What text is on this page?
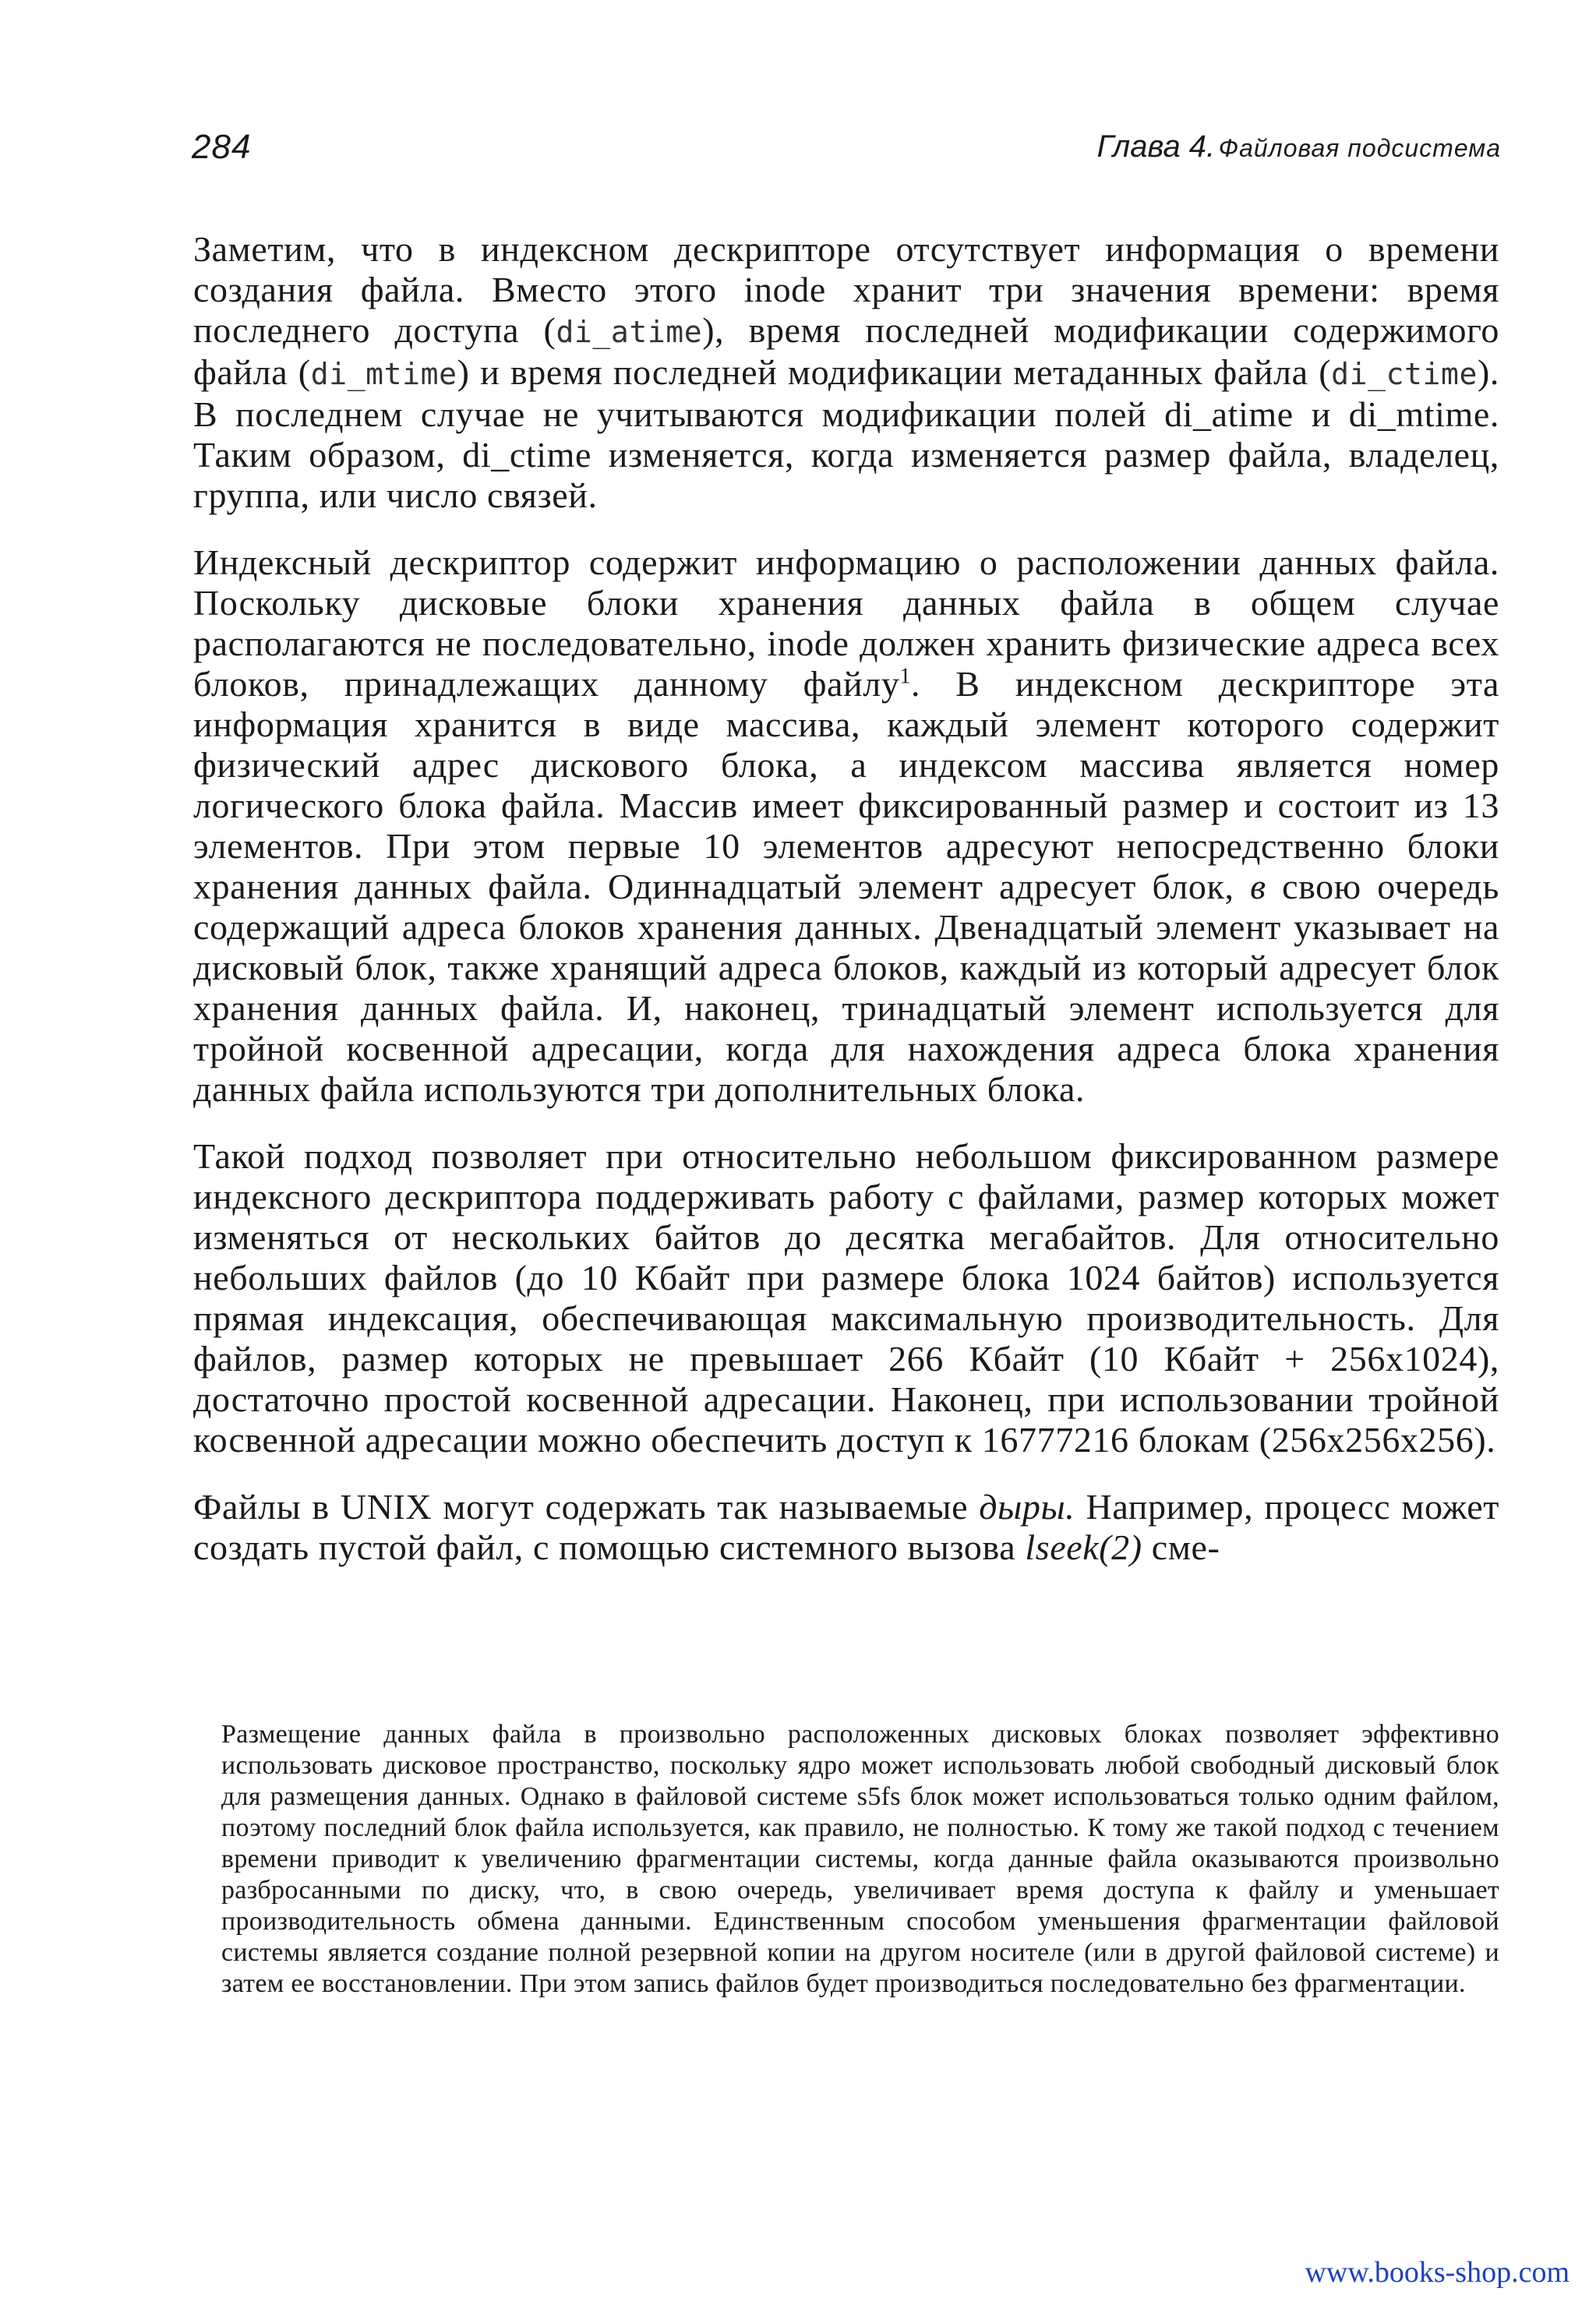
284	Глава 4. Файловая подсистема

Заметим, что в индексном дескрипторе отсутствует информация о времени создания файла. Вместо этого inode хранит три значения времени: время последнего доступа (di_atime), время последней модификации содержимого файла (di_mtime) и время последней модификации метаданных файла (di_ctime). В последнем случае не учитываются модификации полей di_atime и di_mtime. Таким образом, di_ctime изменяется, когда изменяется размер файла, владелец, группа, или число связей.

Индексный дескриптор содержит информацию о расположении данных файла. Поскольку дисковые блоки хранения данных файла в общем случае располагаются не последовательно, inode должен хранить физические адреса всех блоков, принадлежащих данному файлу$^1$. В индексном дескрипторе эта информация хранится в виде массива, каждый элемент которого содержит физический адрес дискового блока, а индексом массива является номер логического блока файла. Массив имеет фиксированный размер и состоит из 13 элементов. При этом первые 10 элементов адресуют непосредственно блоки хранения данных файла. Одиннадцатый элемент адресует блок, в свою очередь содержащий адреса блоков хранения данных. Двенадцатый элемент указывает на дисковый блок, также хранящий адреса блоков, каждый из который адресует блок хранения данных файла. И, наконец, тринадцатый элемент используется для тройной косвенной адресации, когда для нахождения адреса блока хранения данных файла используются три дополнительных блока.

Такой подход позволяет при относительно небольшом фиксированном размере индексного дескриптора поддерживать работу с файлами, размер которых может изменяться от нескольких байтов до десятка мегабайтов. Для относительно небольших файлов (до 10 Кбайт при размере блока 1024 байтов) используется прямая индексация, обеспечивающая максимальную производительность. Для файлов, размер которых не превышает 266 Кбайт (10 Кбайт + 256x1024), достаточно простой косвенной адресации. Наконец, при использовании тройной косвенной адресации можно обеспечить доступ к 16777216 блокам (256x256x256).

Файлы в UNIX могут содержать так называемые дыры. Например, процесс может создать пустой файл, с помощью системного вызова lseek(2) сме-

Размещение данных файла в произвольно расположенных дисковых блоках позволяет эффективно использовать дисковое пространство, поскольку ядро может использовать любой свободный дисковый блок для размещения данных. Однако в файловой системе s5fs блок может использоваться только одним файлом, поэтому последний блок файла используется, как правило, не полностью. К тому же такой подход с течением времени приводит к увеличению фрагментации системы, когда данные файла оказываются произвольно разбросанными по диску, что, в свою очередь, увеличивает время доступа к файлу и уменьшает производительность обмена данными. Единственным способом уменьшения фрагментации файловой системы является создание полной резервной копии на другом носителе (или в другой файловой системе) и затем ее восстановлении. При этом запись файлов будет производиться последовательно без фрагментации.

www.books-shop.com
